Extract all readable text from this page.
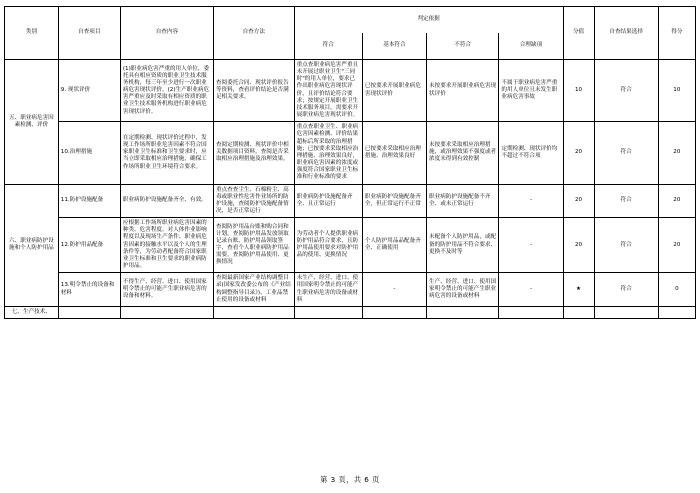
类别	自查项目	自查内容	自查方法	判定依据				分值	自查结果选择	得分
				符合	基本符合	不符合	合理缺项			
五、职业病危害因素检测、评价	9. 现状评价	(1)职业病危害严重的用人单位，委托具有相应资质的职业卫生技术服务机构，每三年至少进行一次职业病危害现状评价。(2)生产职业病危害严重应及时采取有相应资质的职业卫生技术服务机构进行职业病危害现状评价。	查阅委托合同、现状评价报告等资料，查看评价结论是否满足相关要求。	重点查职业病危害严重且未开展过职业卫生"三同时"的用人单位，要求已作出职业病危害现状评价，且评价结论符合要求；按规定开展职业卫生技术服务项目，需要求开展职业病危害现状评价。	已按要求开展职业病危害现状评价	未按要求开展职业病危害现状评价	不属于职业病危害严重的用人单位且未发生职业病危害事故	10	符合	10
	10.治理措施	在定期检测、现状评价过程中，发现工作场所职业危害因素不符合国家职业卫生标准和卫生要求时，应当立即采取相应治理措施，确保工作场所职业卫生环境符合要求。	查阅定期检测、现状评价中相关数据项目资料，查阅是否采取相应治理措施及治理效果。	重点查职业卫生、职业病危害因素检测、评价结果超标后所采取的治理措施；已按要求采取相应治理措施、治理效果良好，职业病危害因素的浓度或强度符合国家职业卫生标准和行业标准的要求	已按要求采取相应治理措施、治理效果良好	未按要求采取相应治理措施，或治理效果不强度或者浓度未得到有效控制	定期检测、现状评价均不超过不符合项	20	符合	20
六、职业病防护设施和个人防护用品	11.防护设施配备	职业病防护设施配备齐全、有效。	重点查查尘生、石棉粉尘、高毒或职业性危害作业场所的防护设施，查阅防护设施配备情况，是否正常运行	职业病防护设施配备齐全、且正常运行	职业病防护设施配备齐全，但正常运行不正常	职业病防护设施配备不齐全、或未正常运行	-	20	符合	20
	12.防护用品配备	应根据工作场所职业病危害因素的种类、危害程度、对人体作业影响程度以及现场生产条件、职业病危害因素的接触水平以及个人的生理条件等，为劳动者配备符合国家职业卫生标准和卫生要求的职业病防护用品。	查阅防护用品台账和购合同和计划，查阅防护用品发放领取记录台账、防护用品领取签字，查看个人职业病防护用品需要，查阅防护用品使用、更换情况	为劳动者个人提供职业病防护用品符合要求，且防护用品使用要求对防护用品的使用、更换情况	个人防护用品品配备齐全、正确使用	未配备个人防护用品，或配备的防护用品不符合要求、更换不及时等	-	20	符合	20
	13.明令禁止的设备和材料	不得生产、经营、进口、使用国家明令禁止的可能产生职业病危害的设备和材料。	查阅最新国家产业结构调整目录(国家发改委公布的《产业结构调整指导目录》)、工业品禁止使用的设备或材料	未生产、经营、进口、使用国家明令禁止的可能产生职业病危害的设备或材料	-	生产、经营、进口、使用国家明令禁止的可能产生职业病危害的设备或材料	-	★	符合	0
七、生产技术、										
第 3 页，共 6 页
